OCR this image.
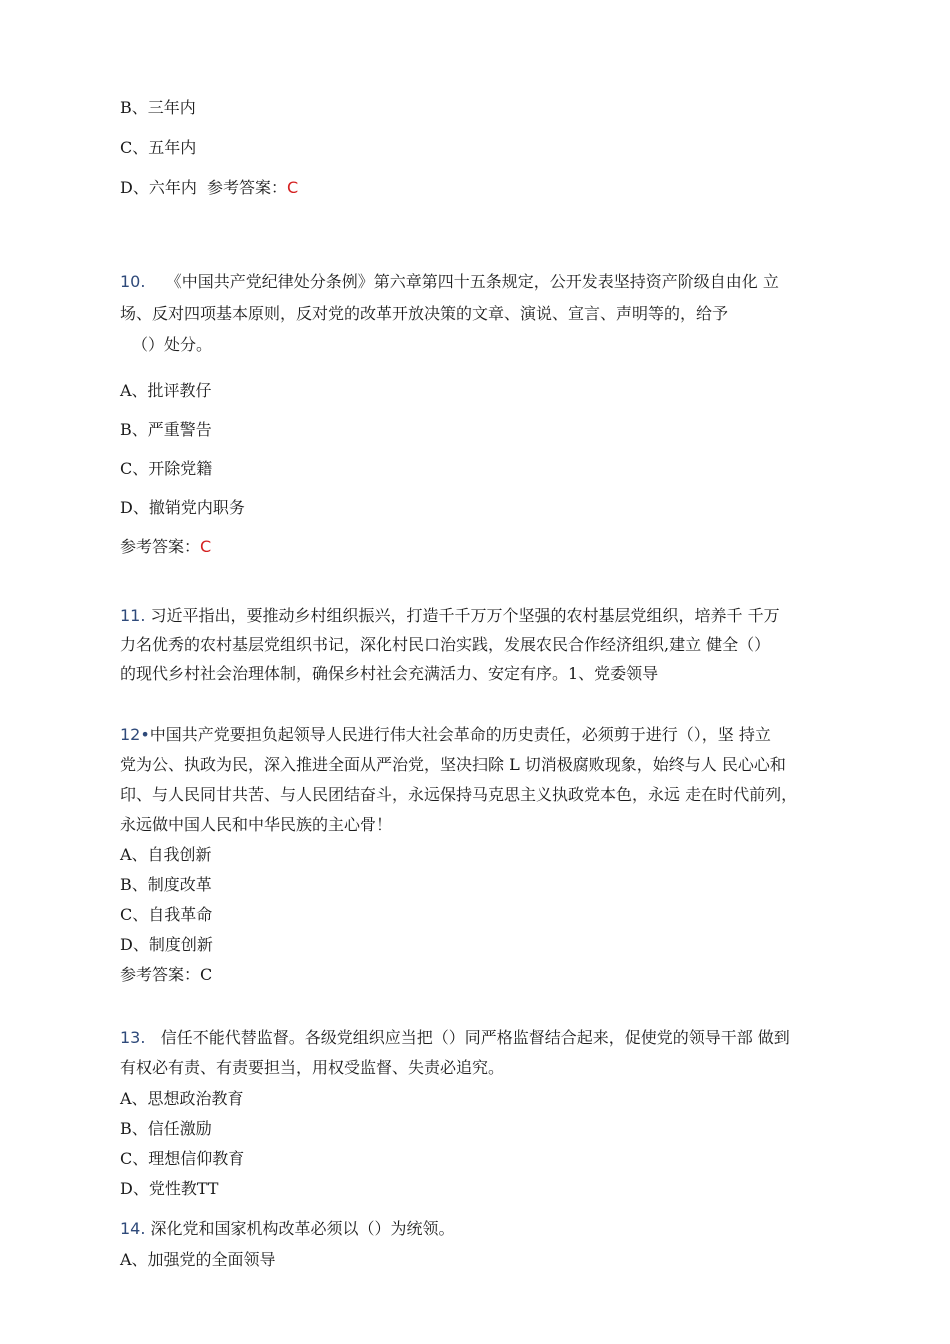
B、三年内
C、五年内
D、六年内 参考答案：C
10. 《中国共产党纪律处分条例》第六章第四十五条规定，公开发表坚持资产阶级自由化 立
场、反对四项基本原则，反对党的改革开放决策的文章、演说、宣言、声明等的，给予
（）处分。
A、批评教仔
B、严重警告
C、开除党籍
D、撤销党内职务
参考答案：C
11. 习近平指出，要推动乡村组织振兴，打造千千万万个坚强的农村基层党组织，培养千 千万
力名优秀的农村基层党组织书记，深化村民口治实践，发展农民合作经济组织,建立 健全（）
的现代乡村社会治理体制，确保乡村社会充满活力、安定有序。1、党委领导
12•中国共产党要担负起领导人民进行伟大社会革命的历史责任，必须剪于进行（），坚 持立
党为公、执政为民，深入推进全面从严治党，坚决扫除 L 切消极腐败现象，始终与人 民心心和
印、与人民同甘共苦、与人民团结奋斗，永远保持马克思主义执政党本色，永远 走在时代前列，
永远做中国人民和中华民族的主心骨！
A、自我创新
B、制度改革
C、自我革命
D、制度创新
参考答案：C
13. 信任不能代替监督。各级党组织应当把（）同严格监督结合起来，促使党的领导干部 做到
有权必有责、有责要担当，用权受监督、失责必追究。
A、思想政治教育
B、信任激励
C、理想信仰教育
D、党性教TT
14. 深化党和国家机构改革必须以（）为统领。
A、加强党的全面领导
